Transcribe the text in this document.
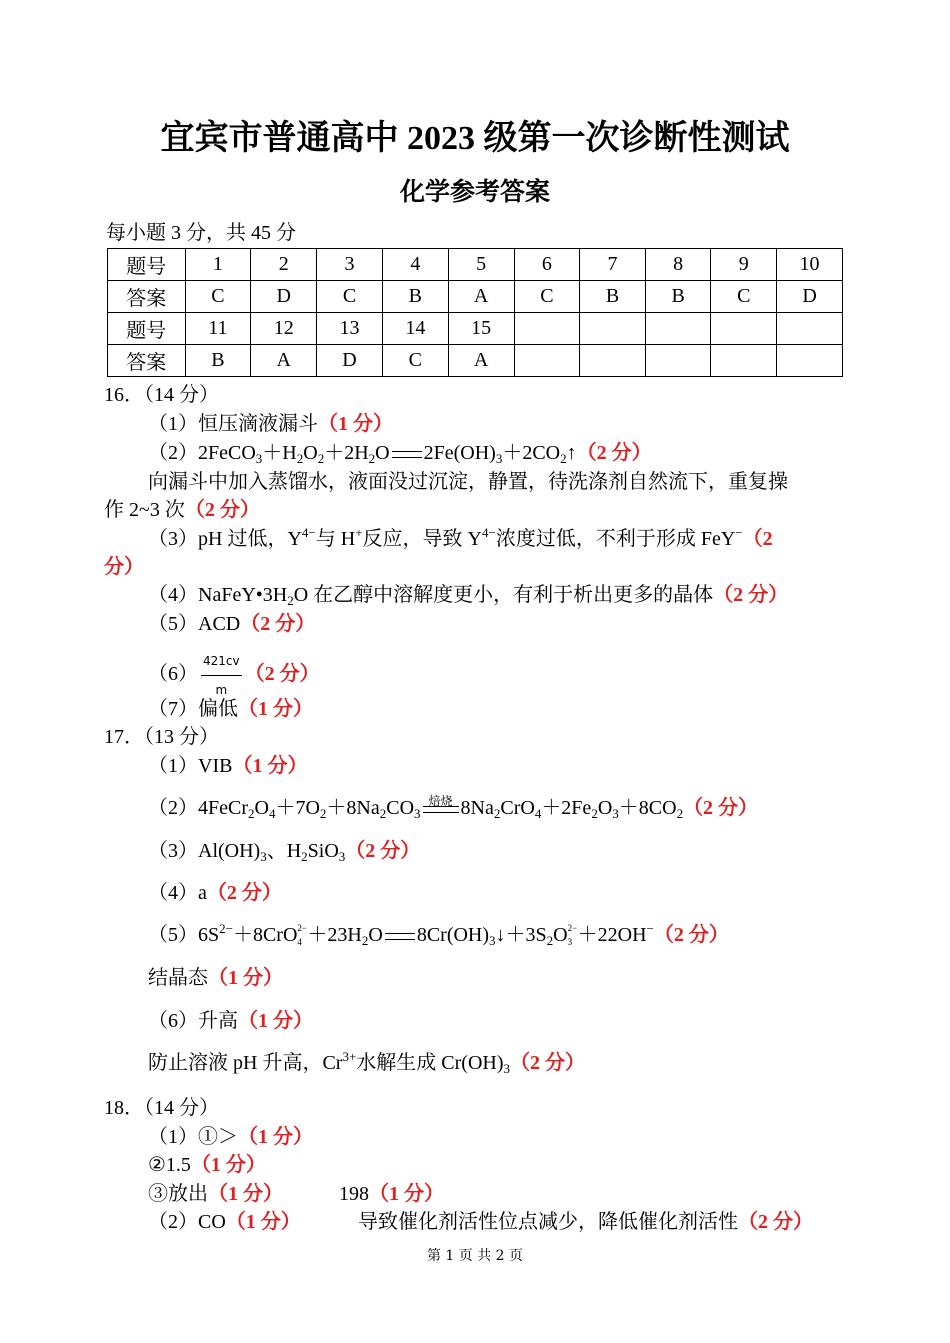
宜宾市普通高中 2023 级第一次诊断性测试
化学参考答案
每小题 3 分，共 45 分
题号	1	2	3	4	5	6	7	8	9	10
答案	C	D	C	B	A	C	B	B	C	D
题号	11	12	13	14	15					
答案	B	A	D	C	A					
16．（14 分）
（1）恒压滴液漏斗（1 分）
$(2)2FeCO_3+H_2O_2+2H_2O$ $2Fe(OH)_3+2CO_2↑(2$ 分）
向漏斗中加入蒸馏水，液面没过沉淀，静置，待洗涤剂自然流下，重复操
作 2~3 次（2 分）
（3）pH 过低，$Y^{4-}$与 H+反应，导致 $Y^{4-}$浓度过低，不利于形成 FeY−（2
分）
$(4)NaFeY•3H_2O$ 在乙醇中溶解度更小，有利于析出更多的晶体（2 分）
（5）ACD（2 分）
$(6) \frac{421cv}{m} (2$ 分）
（7）偏低（1 分）
17．（13 分）
（1）VIB（1 分）
$(2)4FeCr_2O_4+7O_2+8Na_2CO_3$
焙烧 $8Na_2CrO_4+2Fe_2O_3+8CO_2(2$ 分）
$(3)Al(OH)_3$、$H_2SiO_3(2$ 分）
（4）a（2 分）
$(5)6S^{2-}+8CrO$ 2−
$4 +23H_2O$ $8Cr(OH)_3↓+3S_2O$ 2−
3 ＋22OH−（2 分）
结晶态（1 分）
（6）升高（1 分）
防止溶液 pH 升高，$Cr^{3+}$水解生成 $Cr(OH)_3(2$ 分）
18．（14 分）
（1）①＞（1 分）
②1.5（1 分）
③放出（1 分）	198（1 分）
（2）CO（1 分）	导致催化剂活性位点减少，降低催化剂活性（2 分）
第 1 页 共 2 页
